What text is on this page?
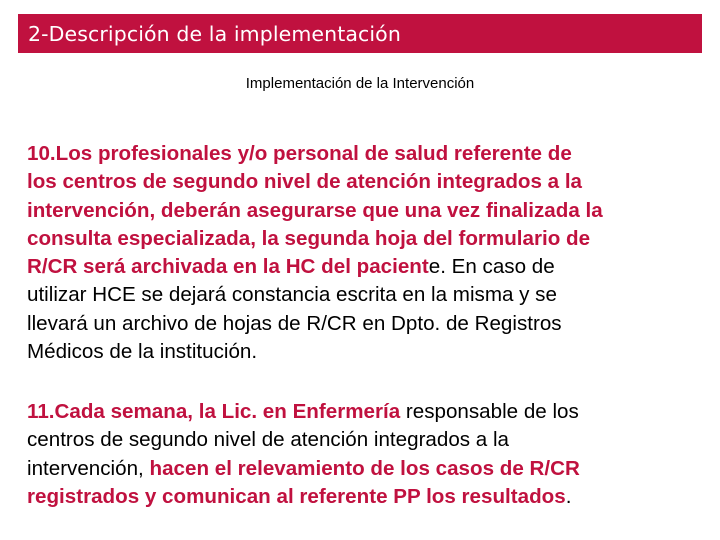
2-Descripción de la implementación
Implementación de la Intervención
10.Los profesionales y/o personal de salud referente de
los centros de segundo nivel de atención integrados a la
intervención, deberán asegurarse que una vez finalizada la
consulta especializada, la segunda hoja del formulario de
R/CR será archivada en la HC del paciente. En caso de
utilizar HCE se dejará constancia escrita en la misma y se
llevará un archivo de hojas de R/CR en Dpto. de Registros
Médicos de la institución.
11.Cada semana, la Lic. en Enfermería responsable de los
centros de segundo nivel de atención integrados a la
intervención, hacen el relevamiento de los casos de R/CR
registrados y comunican al referente PP los resultados.
